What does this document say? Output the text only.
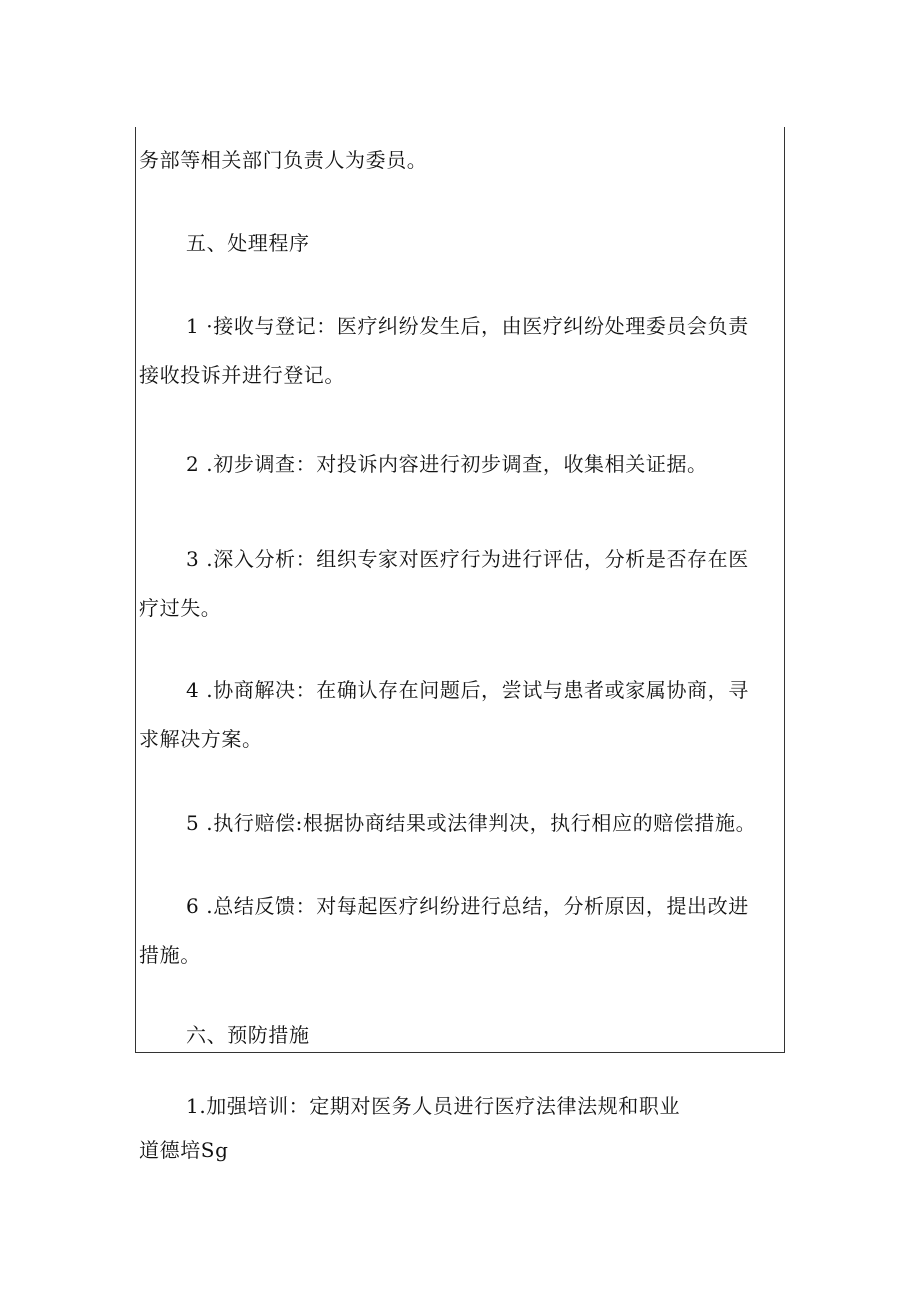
务部等相关部门负责人为委员。
五、处理程序
1 ·接收与登记：医疗纠纷发生后，由医疗纠纷处理委员会负责
接收投诉并进行登记。
2 .初步调查：对投诉内容进行初步调查，收集相关证据。
3 .深入分析：组织专家对医疗行为进行评估，分析是否存在医
疗过失。
4 .协商解决：在确认存在问题后，尝试与患者或家属协商，寻
求解决方案。
5 .执行赔偿:根据协商结果或法律判决，执行相应的赔偿措施。
6 .总结反馈：对每起医疗纠纷进行总结，分析原因，提出改进
措施。
六、预防措施
1.加强培训：定期对医务人员进行医疗法律法规和职业
道德培Sg
